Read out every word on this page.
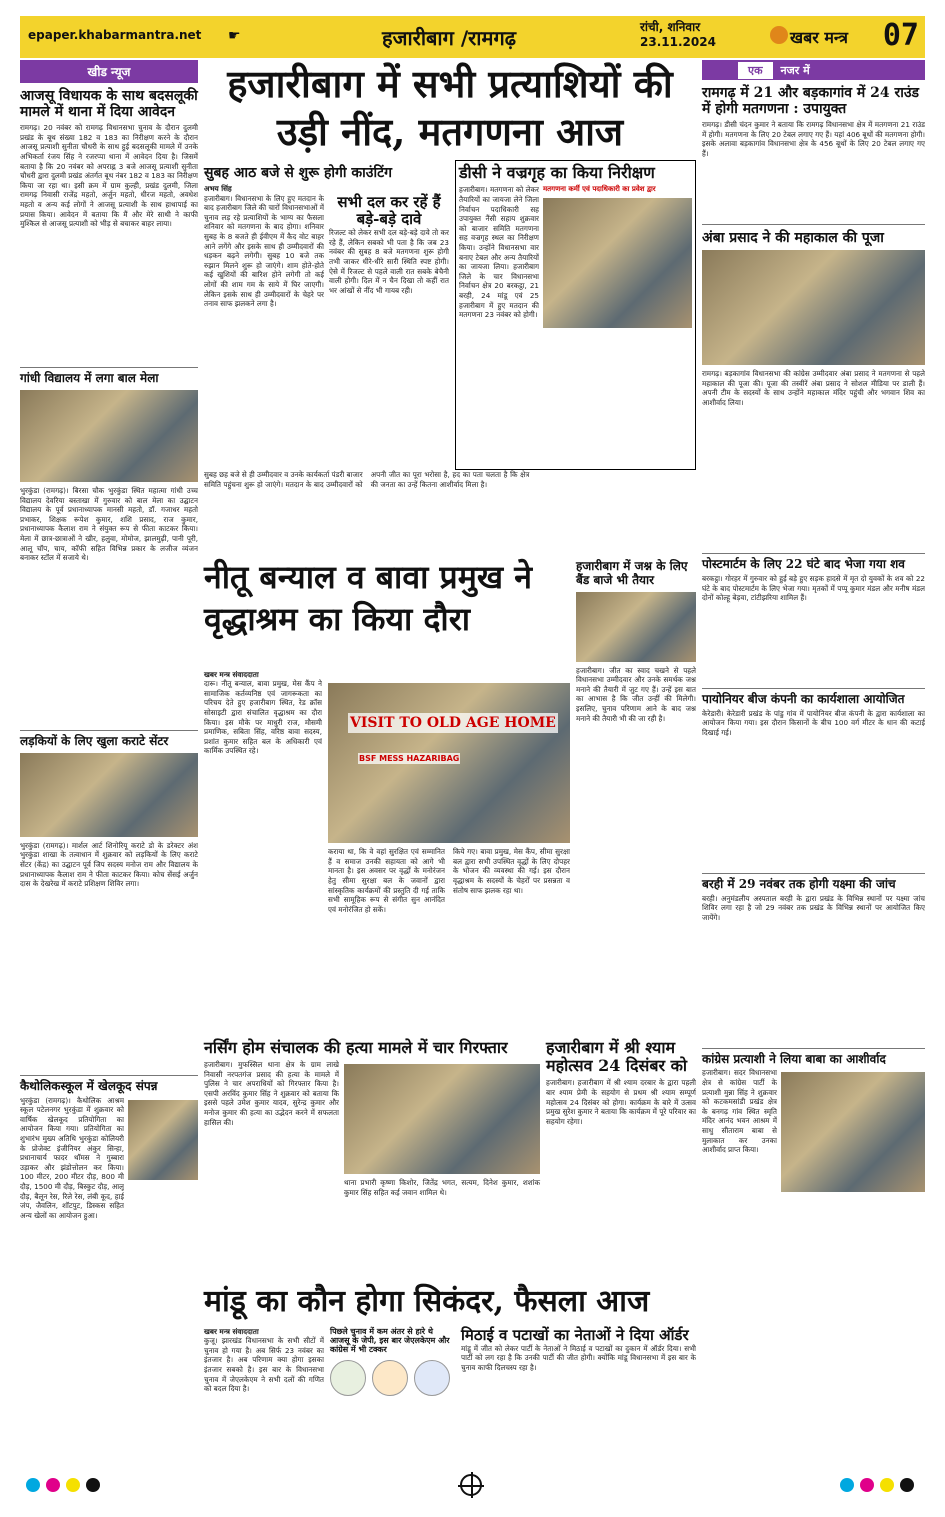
epaper.khabarmantra.net ☛	हजारीबाग /रामगढ़	रांची, शनिवार
23.11.2024	खबर मन्त्र 07
खीड न्यूज
आजसू विधायक के साथ बदसलूकी मामले में थाना में दिया आवेदन
रामगढ़। 20 नवंबर को रामगढ़ विधानसभा चुनाव के दौरान दुलमी प्रखंड के बूथ संख्या 182 व 183 का निरीक्षण करने के दौरान आजसू प्रत्याशी सुनीता चौधरी के साथ हुई बदसलूकी मामले में उनके अभिकर्ता रंजय सिंह ने रजरप्पा थाना में आवेदन दिया है। जिसमें बताया है कि 20 नवंबर को अपराह्न 3 बजे आजसू प्रत्याशी सुनीता चौधरी द्वारा दुलमी प्रखंड अंतर्गत बूथ नंबर 182 व 183 का निरीक्षण किया जा रहा था। इसी क्रम में ग्राम कुल्ही, प्रखंड दुलमी, जिला रामगढ़ निवासी राजेंद्र महतो, अर्जुन महतो, धीरज महतो, अवधेश महतो व अन्य कई लोगों ने आजसू प्रत्याशी के साथ हाथापाई का प्रयास किया। आवेदन में बताया कि मैं और मेरे साथी ने काफी मुश्किल से आजसू प्रत्याशी को भीड़ से बचाकर बाहर लाया।
गांधी विद्यालय में लगा बाल मेला
भुरकुंडा (रामगढ़)। बिरसा चौक भुरकुंडा स्थित महात्मा गांधी उच्च विद्यालय देवरिया बस्ताखा में गुरुवार को बाल मेला का उद्घाटन विद्यालय के पूर्व प्रधानाध्यापक मानसी महतो, डॉ. गजाधर महतो प्रभाकर, शिक्षक रूपेश कुमार, शशि प्रसाद, राज कुमार, प्रधानाध्यापक कैलाश राम ने संयुक्त रूप से फीता काटकर किया। मेला में छात्र-छात्राओं ने खीर, हलुवा, मोमोज, झालमुढ़ी, पानी पूरी, आलू चॉप, चाय, कॉफी सहित विभिन्न प्रकार के लजीज व्यंजन बनाकर स्टॉल में सजाये थे।
लड़कियों के लिए खुला कराटे सेंटर
भुरकुंडा (रामगढ़)। मार्शल आर्ट शिनोरियू कराटे डो के डरेक्टर अंश भुरकुंडा शाखा के तत्वाधान में शुक्रवार को लड़कियों के लिए कराटे सेंटर (केंद्र) का उद्घाटन पूर्व जिप सदस्य मनोज राम और विद्यालय के प्रधानाध्यापक कैलाश राम ने फीता काटकर किया। कोच सेंसई अर्जुन दास के देखरेख में कराटे प्रशिक्षण शिविर लगा।
कैथोलिकस्कूल में खेलकूद संपन्न
भुरकुंडा (रामगढ़)। कैथोलिक आश्रम स्कूल पटेलनगर भुरकुंडा में शुक्रवार को वार्षिक खेलकूद प्रतियोगिता का आयोजन किया गया। प्रतियोगिता का शुभारंभ मुख्य अतिथि भुरकुंडा कोलियरी के प्रोजेक्ट इंजीनियर अंकुर सिन्हा, प्रधानाचार्य फादर थॉमस ने गुब्बारा उड़ाकर और झंडोत्तोलन कर किया। 100 मीटर, 200 मीटर दौड़, 800 मी दौड़, 1500 मी दौड़, बिस्कुट दौड़, आलू दौड़, बैलून रेस, रिले रेस, लंबी कूद, हाई जंप, जैवलिन, शॉटपुट, डिस्कस सहित अन्य खेलों का आयोजन हुआ।
हजारीबाग में सभी प्रत्याशियों की उड़ी नींद, मतगणना आज
सुबह आठ बजे से शुरू होगी काउंटिंग
अभय सिंह
हजारीबाग। विधानसभा के लिए हुए मतदान के बाद हजारीबाग जिले की चारों विधानसभाओं में चुनाव लड़ रहे प्रत्याशियों के भाग्य का फैसला शनिवार को मतगणना के बाद होगा। शनिवार सुबह के 8 बजते ही ईवीएम में कैद वोट बाहर आने लगेंगे और इसके साथ ही उम्मीदवारों की धड़कन बढ़ने लगेगी। सुबह 10 बजे तक रुझान मिलने शुरू हो जाएंगे। शाम होते-होते कई खुशियों की बारिश होने लगेगी तो कई लोगों की शाम गम के साये में घिर जाएगी। लेकिन इसके साथ ही उम्मीदवारों के चेहरे पर तनाव साफ झलकने लगा है।
सभी दल कर रहें हैं बड़े-बड़े दावे
रिजल्ट को लेकर सभी दल बड़े-बड़े दावे तो कर रहे हैं, लेकिन सबको भी पता है कि जब 23 नवंबर की सुबह 8 बजे मतगणना शुरू होगी तभी जाकर धीरे-धीरे सारी स्थिति स्पष्ट होगी। ऐसे में रिजल्ट से पहले वाली रात सबके बेचैनी वाली होगी। दिल में न चैन दिखा तो कहीं रात भर आंखों से नींद भी गायब रही।
डीसी ने वज्रगृह का किया निरीक्षण
हजारीबाग। मतगणना को लेकर तैयारियों का जायजा लेने जिला निर्वाचन पदाधिकारी सह उपायुक्त नैंसी सहाय शुक्रवार को बाजार समिति मतगणना सह वज्रगृह स्थल का निरीक्षण किया। उन्होंने विधानसभा वार बनाए टेबल और अन्य तैयारियों का जायजा लिया। हजारीबाग जिले के चार विधानसभा निर्वाचन क्षेत्र 20 बरकट्ठा, 21 बरही, 24 मांडू एवं 25 हजारीबाग में हुए मतदान की मतगणना 23 नवंबर को होगी।
मतगणना कर्मी एवं पदाधिकारी का प्रवेश द्वार
सुबह छह बजे से ही उम्मीदवार व उनके कार्यकर्ता पंडरी बाजार समिति पहुंचना शुरू हो जाएंगे। मतदान के बाद उम्मीदवारों को अपनी जीत का पूरा भरोसा है, हद का पता चलता है कि क्षेत्र की जनता का उन्हें कितना आशीर्वाद मिला है।
नीतू बन्याल व बावा प्रमुख ने वृद्धाश्रम का किया दौरा
हजारीबाग में जश्न के लिए बैंड बाजे भी तैयार
खबर मन्त्र संवाददाता
दारू। नीतू बन्याल, बावा प्रमुख, मेस कैंप ने सामाजिक कर्तव्यनिष्ठ एवं जागरूकता का परिचय देते हुए हजारीबाग स्थित, रेड क्रॉस सोसाइटी द्वारा संचालित वृद्धाश्रम का दौरा किया। इस मौके पर माधुरी राज, मौसमी प्रमाणिक, सबिता सिंह, वरिष्ठ बावा सदस्य, प्रशांत कुमार सहित बल के अधिकारी एवं कार्मिक उपस्थित रहे।
VISIT TO OLD AGE HOME
BSF MESS HAZARIBAG
कराया था, कि वे वहां सुरक्षित एवं सम्मानित हैं व समाज उनकी सहायता को आगे भी मानता है। इस अवसर पर वृद्धों के मनोरंजन हेतु सीमा सुरक्षा बल के जवानों द्वारा सांस्कृतिक कार्यक्रमों की प्रस्तुति दी गई ताकि सभी सामूहिक रूप से संगीत सुन आनंदित एवं मनोरंजित हो सकें।
किये गए। बावा प्रमुख, मेस कैंप, सीमा सुरक्षा बल द्वारा सभी उपस्थित वृद्धों के लिए दोपहर के भोजन की व्यवस्था की गई। इस दौरान वृद्धाश्रम के सदस्यों के चेहरों पर प्रसन्नता व संतोष साफ झलक रहा था।
हजारीबाग। जीत का स्वाद चखने से पहले विधानसभा उम्मीदवार और उनके समर्थक जश्न मनाने की तैयारी में जुट गए हैं। उन्हें इस बात का आभास है कि जीत उन्हीं की मिलेगी। इसलिए, चुनाव परिणाम आने के बाद जश्न मनाने की तैयारी भी की जा रही है।
नर्सिंग होम संचालक की हत्या मामले में चार गिरफ्तार
हजारीबाग। मुफस्सिल थाना क्षेत्र के ग्राम लाखे निवासी नरपतगंज प्रसाद की हत्या के मामले में पुलिस ने चार अपराधियों को गिरफ्तार किया है। एसपी अरविंद कुमार सिंह ने शुक्रवार को बताया कि इससे पहले उमेश कुमार यादव, सुरेन्द्र कुमार और मनोज कुमार की हत्या का उद्भेदन करने में सफलता हासिल की।
थाना प्रभारी कृष्णा किशोर, जितेंद्र भगत, सत्यम, दिनेश कुमार, शशांक कुमार सिंह सहित कई जवान शामिल थे।
हजारीबाग में श्री श्याम महोत्सव 24 दिसंबर को
हजारीबाग। हजारीबाग में श्री श्याम दरबार के द्वारा पहली बार श्याम प्रेमी के सहयोग से प्रथम श्री श्याम सम्पूर्ण महोत्सव 24 दिसंबर को होगा। कार्यक्रम के बारे में उत्सव प्रमुख सुरेश कुमार ने बताया कि कार्यक्रम में पूरे परिवार का सहयोग रहेगा।
मांडू का कौन होगा सिकंदर, फैसला आज
खबर मन्त्र संवाददाता
कुजू। झारखंड विधानसभा के सभी सीटों में चुनाव हो गया है। अब सिर्फ 23 नवंबर का इंतजार है। अब परिणाम क्या होगा इसका इंतजार सबको है। इस बार के विधानसभा चुनाव में जेएलकेएम ने सभी दलों की गणित को बदल दिया है।
पिछले चुनाव में कम अंतर से हारे थे आजसू के जेपी, इस बार जेएलकेएम और कांग्रेस में भी टक्कर
मिठाई व पटाखों का नेताओं ने दिया ऑर्डर
मांडू में जीत को लेकर पार्टी के नेताओं ने मिठाई व पटाखों का दुकान में ऑर्डर दिया। सभी पार्टी को लग रहा है कि उनकी पार्टी की जीत होगी। क्योंकि मांडू विधानसभा में इस बार के चुनाव काफी दिलचस्प रहा है।
एक	नजर में
रामगढ़ में 21 और बड़कागांव में 24 राउंड में होगी मतगणना : उपायुक्त
रामगढ़। डीसी चंदन कुमार ने बताया कि रामगढ़ विधानसभा क्षेत्र में मतगणना 21 राउंड में होगी। मतगणना के लिए 20 टेबल लगाए गए हैं। यहां 406 बूथों की मतगणना होगी। इसके अलावा बड़कागांव विधानसभा क्षेत्र के 456 बूथों के लिए 20 टेबल लगाए गए हैं।
अंबा प्रसाद ने की महाकाल की पूजा
रामगढ़। बड़कागांव विधानसभा की कांग्रेस उम्मीदवार अंबा प्रसाद ने मतगणना से पहले महाकाल की पूजा की। पूजा की तस्वीरें अंबा प्रसाद ने सोशल मीडिया पर डाली हैं। अपनी टीम के सदस्यों के साथ उन्होंने महाकाल मंदिर पहुंची और भगवान शिव का आशीर्वाद लिया।
पोस्टमार्टम के लिए 22 घंटे बाद भेजा गया शव
बरकट्ठा। गोरहर में गुरुवार को हुई बड़े हुए सड़क हादसे में मृत दो युवकों के शव को 22 घंटे के बाद पोस्टमार्टम के लिए भेजा गया। मृतकों में पप्पू कुमार मंडल और मनीष मंडल दोनों कोल्हू बेड़वा, टांटीझरिया शामिल हैं।
पायोनियर बीज कंपनी का कार्यशाला आयोजित
केरेडारी। केरेडारी प्रखंड के पांडु गांव में पायोनियर बीज कंपनी के द्वारा कार्यशाला का आयोजन किया गया। इस दौरान किसानों के बीच 100 वर्ग मीटर के धान की कटाई दिखाई गई।
बरही में 29 नवंबर तक होगी यक्ष्मा की जांच
बरही। अनुमंडलीय अस्पताल बरही के द्वारा प्रखंड के विभिन्न स्थानों पर यक्ष्मा जांच शिविर लगा रहा है जो 29 नवंबर तक प्रखंड के विभिन्न स्थानों पर आयोजित किए जायेंगे।
कांग्रेस प्रत्याशी ने लिया बाबा का आशीर्वाद
हजारीबाग। सदर विधानसभा क्षेत्र से कांग्रेस पार्टी के प्रत्याशी मुन्ना सिंह ने शुक्रवार को कटकमसांडी प्रखंड क्षेत्र के बनगढ़ गांव स्थित स्मृति मंदिर आनंद भवन आश्रम में साधु सीताराम बाबा से मुलाकात कर उनका आशीर्वाद प्राप्त किया।
